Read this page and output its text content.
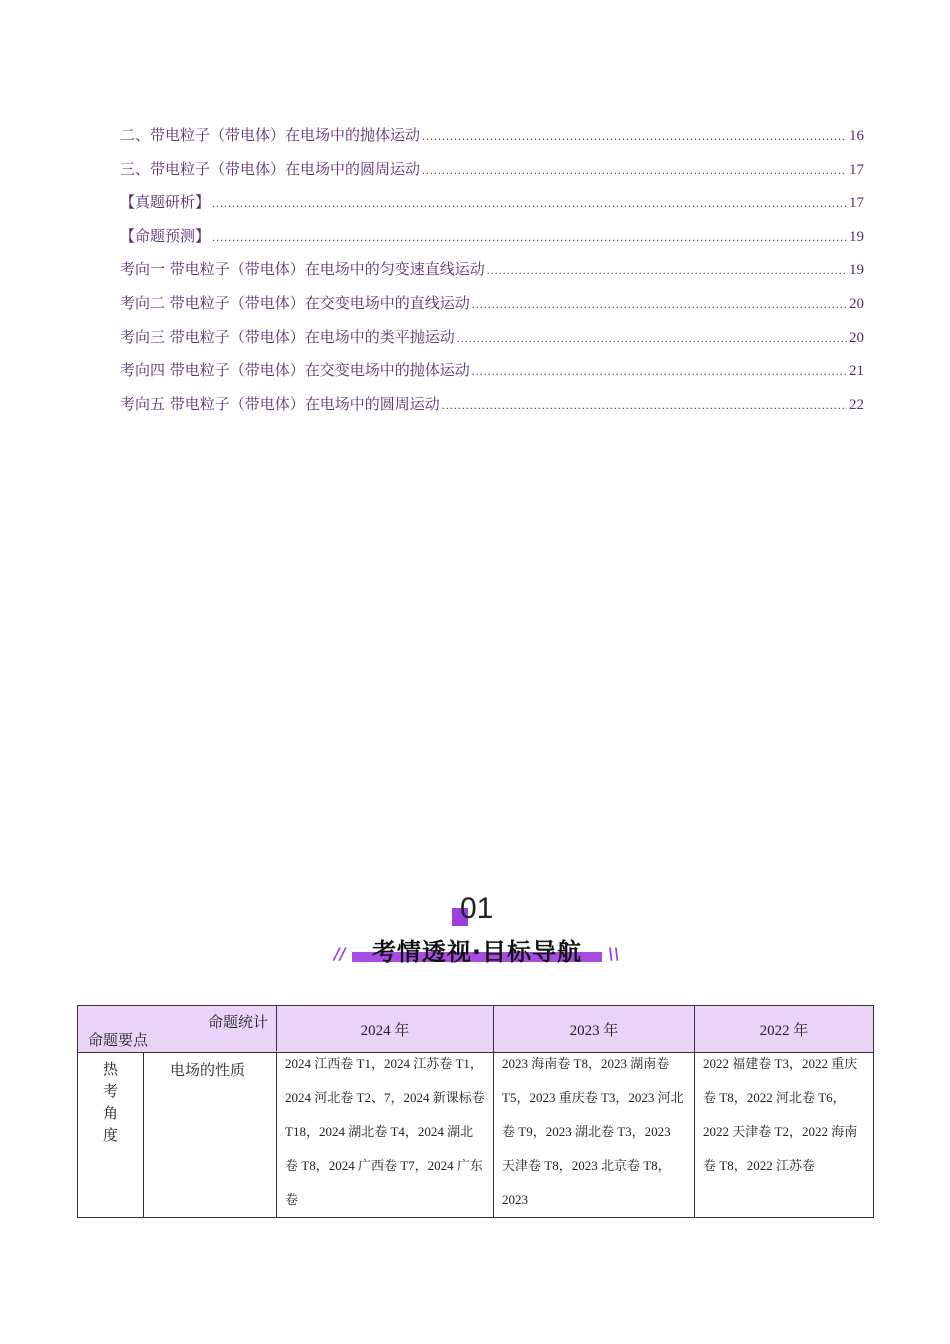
二、带电粒子（带电体）在电场中的抛体运动 .....	16
三、带电粒子（带电体）在电场中的圆周运动 .....	17
【真题研析】 .....	17
【命题预测】 .....	19
考向一 带电粒子（带电体）在电场中的匀变速直线运动 .....	19
考向二 带电粒子（带电体）在交变电场中的直线运动 .....	20
考向三 带电粒子（带电体）在电场中的类平抛运动 .....	20
考向四 带电粒子（带电体）在交变电场中的抛体运动 .....	21
考向五 带电粒子（带电体）在电场中的圆周运动 .....	22
01
考情透视·目标导航
//	\\
命题统计
命题要点		2024 年	2023 年	2022 年

热考角度	电场的性质	2024 江西卷 T1，2024 江苏卷 T1，2024 河北卷 T2、7，2024 新课标卷 T18，2024 湖北卷 T4，2024 湖北卷 T8，2024 广西卷 T7，2024 广东卷	2023 海南卷 T8，2023 湖南卷 T5，2023 重庆卷 T3，2023 河北卷 T9，2023 湖北卷 T3，2023 天津卷 T8，2023 北京卷 T8，2023	2022 福建卷 T3，2022 重庆卷 T8，2022 河北卷 T6，2022 天津卷 T2，2022 海南卷 T8，2022 江苏卷
